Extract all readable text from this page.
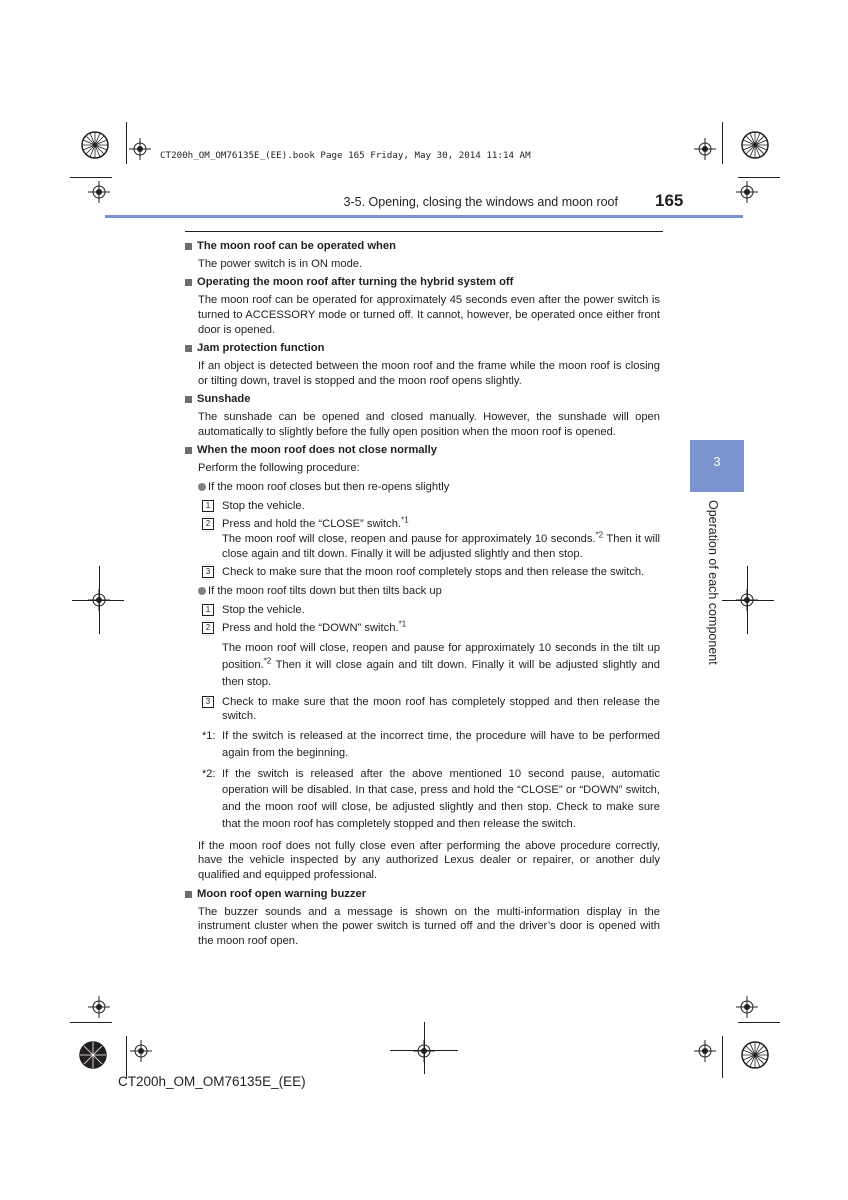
CT200h_OM_OM76135E_(EE).book Page 165 Friday, May 30, 2014 11:14 AM
3-5. Opening, closing the windows and moon roof 165
3
Operation of each component
The moon roof can be operated when
The power switch is in ON mode.
Operating the moon roof after turning the hybrid system off
The moon roof can be operated for approximately 45 seconds even after the power switch is turned to ACCESSORY mode or turned off. It cannot, however, be operated once either front door is opened.
Jam protection function
If an object is detected between the moon roof and the frame while the moon roof is closing or tilting down, travel is stopped and the moon roof opens slightly.
Sunshade
The sunshade can be opened and closed manually. However, the sunshade will open automatically to slightly before the fully open position when the moon roof is opened.
When the moon roof does not close normally
Perform the following procedure:
If the moon roof closes but then re-opens slightly
1	Stop the vehicle.
2	Press and hold the “CLOSE” switch.$^{*1}$
The moon roof will close, reopen and pause for approximately 10 seconds.$^{*2}$ Then it will close again and tilt down. Finally it will be adjusted slightly and then stop.
3	Check to make sure that the moon roof completely stops and then release the switch.
If the moon roof tilts down but then tilts back up
1	Stop the vehicle.
2	Press and hold the “DOWN” switch.$^{*1}$
The moon roof will close, reopen and pause for approximately 10 seconds in the tilt up position.$^{*2}$ Then it will close again and tilt down. Finally it will be adjusted slightly and then stop.
3	Check to make sure that the moon roof has completely stopped and then release the switch.
*1: If the switch is released at the incorrect time, the procedure will have to be performed again from the beginning.
*2: If the switch is released after the above mentioned 10 second pause, automatic operation will be disabled. In that case, press and hold the “CLOSE” or “DOWN” switch, and the moon roof will close, be adjusted slightly and then stop. Check to make sure that the moon roof has completely stopped and then release the switch.
If the moon roof does not fully close even after performing the above procedure correctly, have the vehicle inspected by any authorized Lexus dealer or repairer, or another duly qualified and equipped professional.
Moon roof open warning buzzer
The buzzer sounds and a message is shown on the multi-information display in the instrument cluster when the power switch is turned off and the driver’s door is opened with the moon roof open.
CT200h_OM_OM76135E_(EE)
